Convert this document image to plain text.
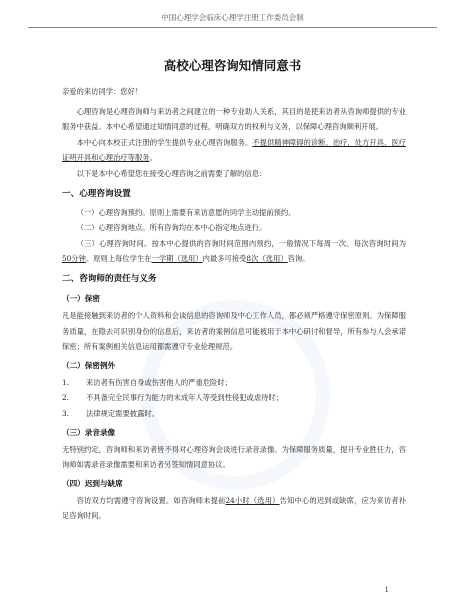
中国心理学会临床心理学注册工作委员会制
高校心理咨询知情同意书

亲爱的来访同学：您好！

心理咨询是心理咨询师与来访者之间建立的一种专业助人关系，其目的是使来访者从咨询师提供的专业服务中获益。本中心希望通过知情同意的过程，明确双方的权利与义务，以保障心理咨询顺利开展。

本中心向本校正式注册的学生提供专业心理咨询服务。不提供精神障碍的诊断、治疗，处方开具、医疗证明开具和心理治疗等服务。

以下是本中心希望您在接受心理咨询之前需要了解的信息：

一、心理咨询设置

（一）心理咨询预约。原则上需要有来访意愿的同学主动提前预约。

（二）心理咨询地点。所有咨询均在本中心指定地点进行。

（三）心理咨询时间。按本中心提供的咨询时间范围内预约，一般情况下每周一次、每次咨询时间为50分钟。原则上每位学生在一学期（选用）内最多可接受8次（选用）咨询。

二、咨询师的责任与义务
（一）保密

凡是能接触到来访者的个人资料和会谈信息的咨询师及中心工作人员，都必须严格遵守保密原则。为保障服务质量，在隐去可识别身份的信息后，来访者的案例信息可能被用于本中心研讨和督导，所有参与人会承诺保密；所有案例相关信息运用都需遵守专业伦理规范。

（二）保密例外
1.	来访者有伤害自身或伤害他人的严重危险时；
2.	不具备完全民事行为能力的未成年人等受到性侵犯或虐待时；
3.	法律规定需要披露时。
（三）录音录像

无特别约定，咨询师和来访者皆不得对心理咨询会谈进行录音录像。为保障服务质量，提升专业胜任力，咨询师如需录音录像需要和来访者另签知情同意协议。

（四）迟到与缺席

咨访双方均需遵守咨询设置。如咨询师未提前24小时（选用）告知中心的迟到或缺席，应为来访者补足咨询时间。

1
